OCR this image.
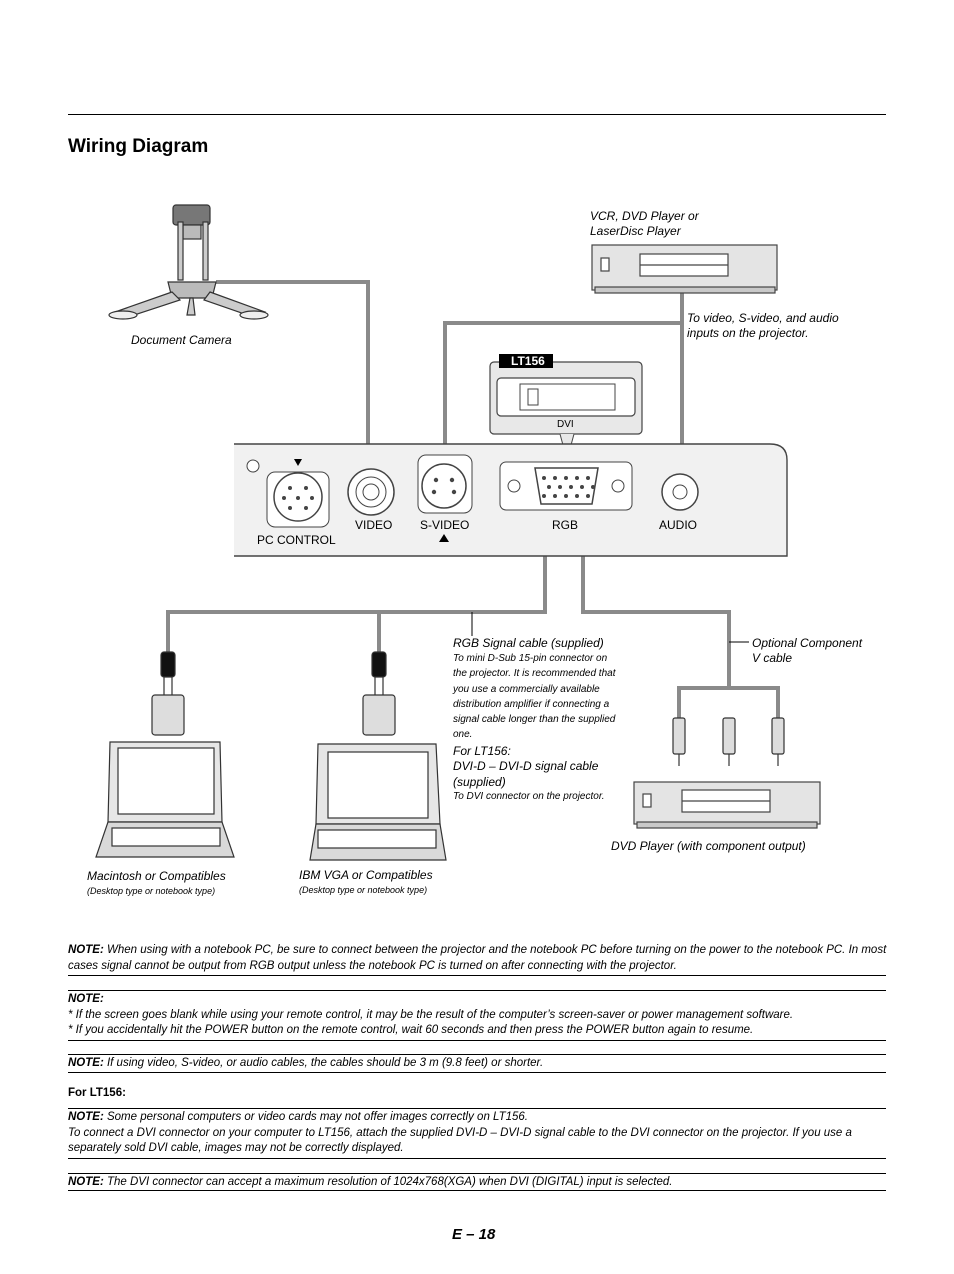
Wiring Diagram
Document Camera
VCR, DVD Player or
LaserDisc Player
To video, S-video, and audio
inputs on the projector.
LT156
DVI
PC CONTROL
VIDEO S-VIDEO	RGB	AUDIO
RGB Signal cable (supplied)
To mini D-Sub 15-pin connector on
the projector. It is recommended that
you use a commercially available
distribution amplifier if connecting a
signal cable longer than the supplied
one.
For LT156:
DVI-D – DVI-D signal cable
(supplied)
To DVI connector on the projector.
Optional Component
V cable
DVD Player (with component output)
Macintosh or Compatibles
(Desktop type or notebook type)
IBM VGA or Compatibles
(Desktop type or notebook type)
NOTE: When using with a notebook PC, be sure to connect between the projector and the notebook PC before turning on the power to the notebook PC. In most cases signal cannot be output from RGB output unless the notebook PC is turned on after connecting with the projector.
NOTE:
* If the screen goes blank while using your remote control, it may be the result of the computer’s screen-saver or power management software.
* If you accidentally hit the POWER button on the remote control, wait 60 seconds and then press the POWER button again to resume.
NOTE: If using video, S-video, or audio cables, the cables should be 3 m (9.8 feet) or shorter.
For LT156:
NOTE: Some personal computers or video cards may not offer images correctly on LT156.
To connect a DVI connector on your computer to LT156, attach the supplied DVI-D – DVI-D signal cable to the DVI connector on the projector. If you use a separately sold DVI cable, images may not be correctly displayed.
NOTE: The DVI connector can accept a maximum resolution of 1024x768(XGA) when DVI (DIGITAL) input is selected.
E – 18
